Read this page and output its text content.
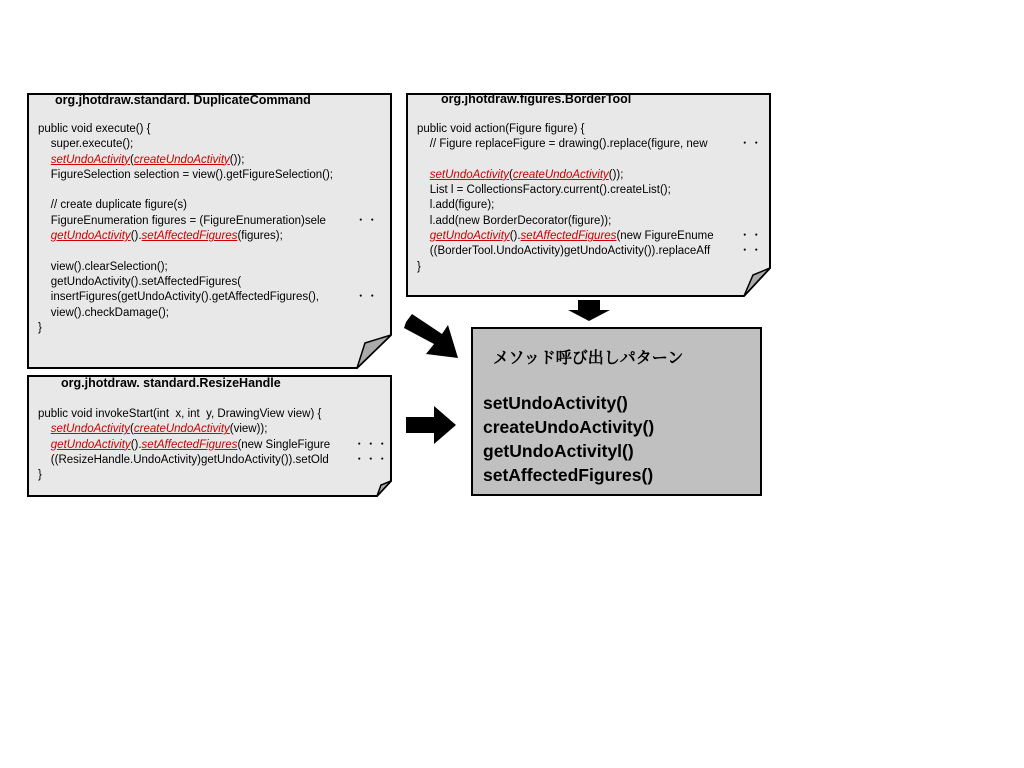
org.jhotdraw.standard. DuplicateCommand
public void execute() {
super.execute();
setUndoActivity(createUndoActivity());
FigureSelection selection = view().getFigureSelection();
// create duplicate figure(s)
FigureEnumeration figures = (FigureEnumeration)sele	・・
getUndoActivity().setAffectedFigures(figures);
view().clearSelection();
getUndoActivity().setAffectedFigures(
insertFigures(getUndoActivity().getAffectedFigures(),	・・
view().checkDamage();
}
org.jhotdraw.figures.BorderTool
public void action(Figure figure) {
// Figure replaceFigure = drawing().replace(figure, new ・・
setUndoActivity(createUndoActivity());
List l = CollectionsFactory.current().createList();
l.add(figure);
l.add(new BorderDecorator(figure));
getUndoActivity().setAffectedFigures(new FigureEnume ・・
((BorderTool.UndoActivity)getUndoActivity()).replaceAff	・・
}
org.jhotdraw. standard.ResizeHandle
public void invokeStart(int  x, int  y, DrawingView view) {
setUndoActivity(createUndoActivity(view));
getUndoActivity().setAffectedFigures(new SingleFigure ・・・
((ResizeHandle.UndoActivity)getUndoActivity()).setOld ・・・
}
メソッド呼び出しパターン
setUndoActivity()
createUndoActivity()
getUndoActivityl()
setAffectedFigures()
